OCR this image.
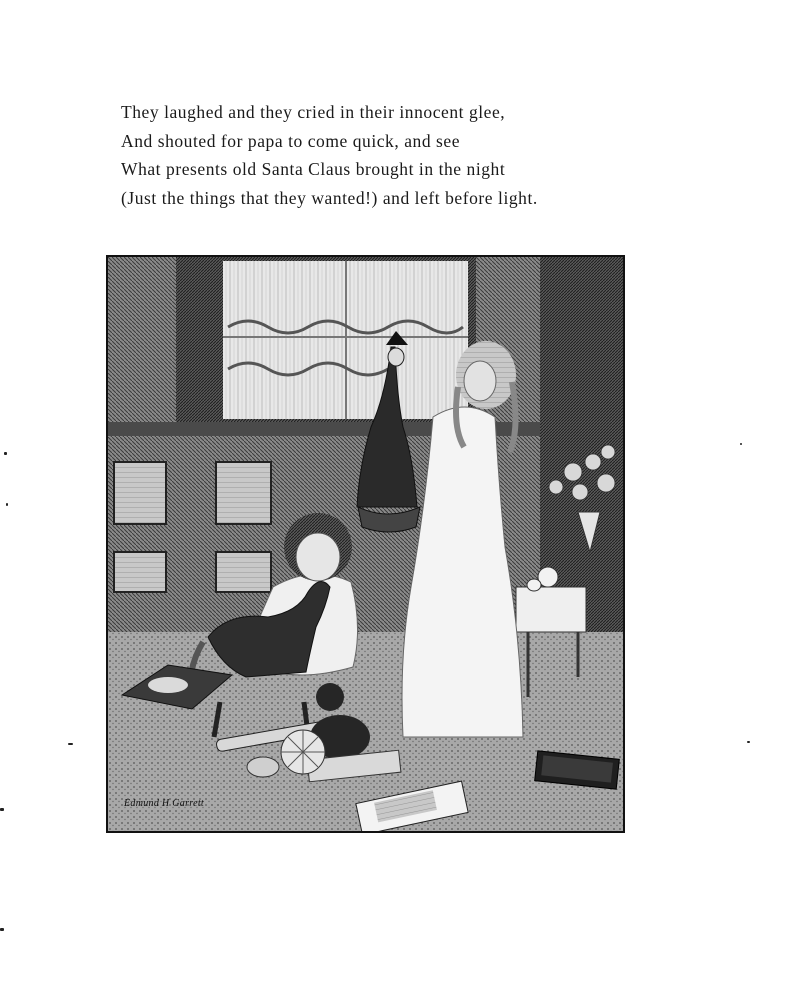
They laughed and they cried in their innocent glee,
And shouted for papa to come quick, and see
What presents old Santa Claus brought in the night
(Just the things that they wanted!) and left before light.
Edmund H Garrett
